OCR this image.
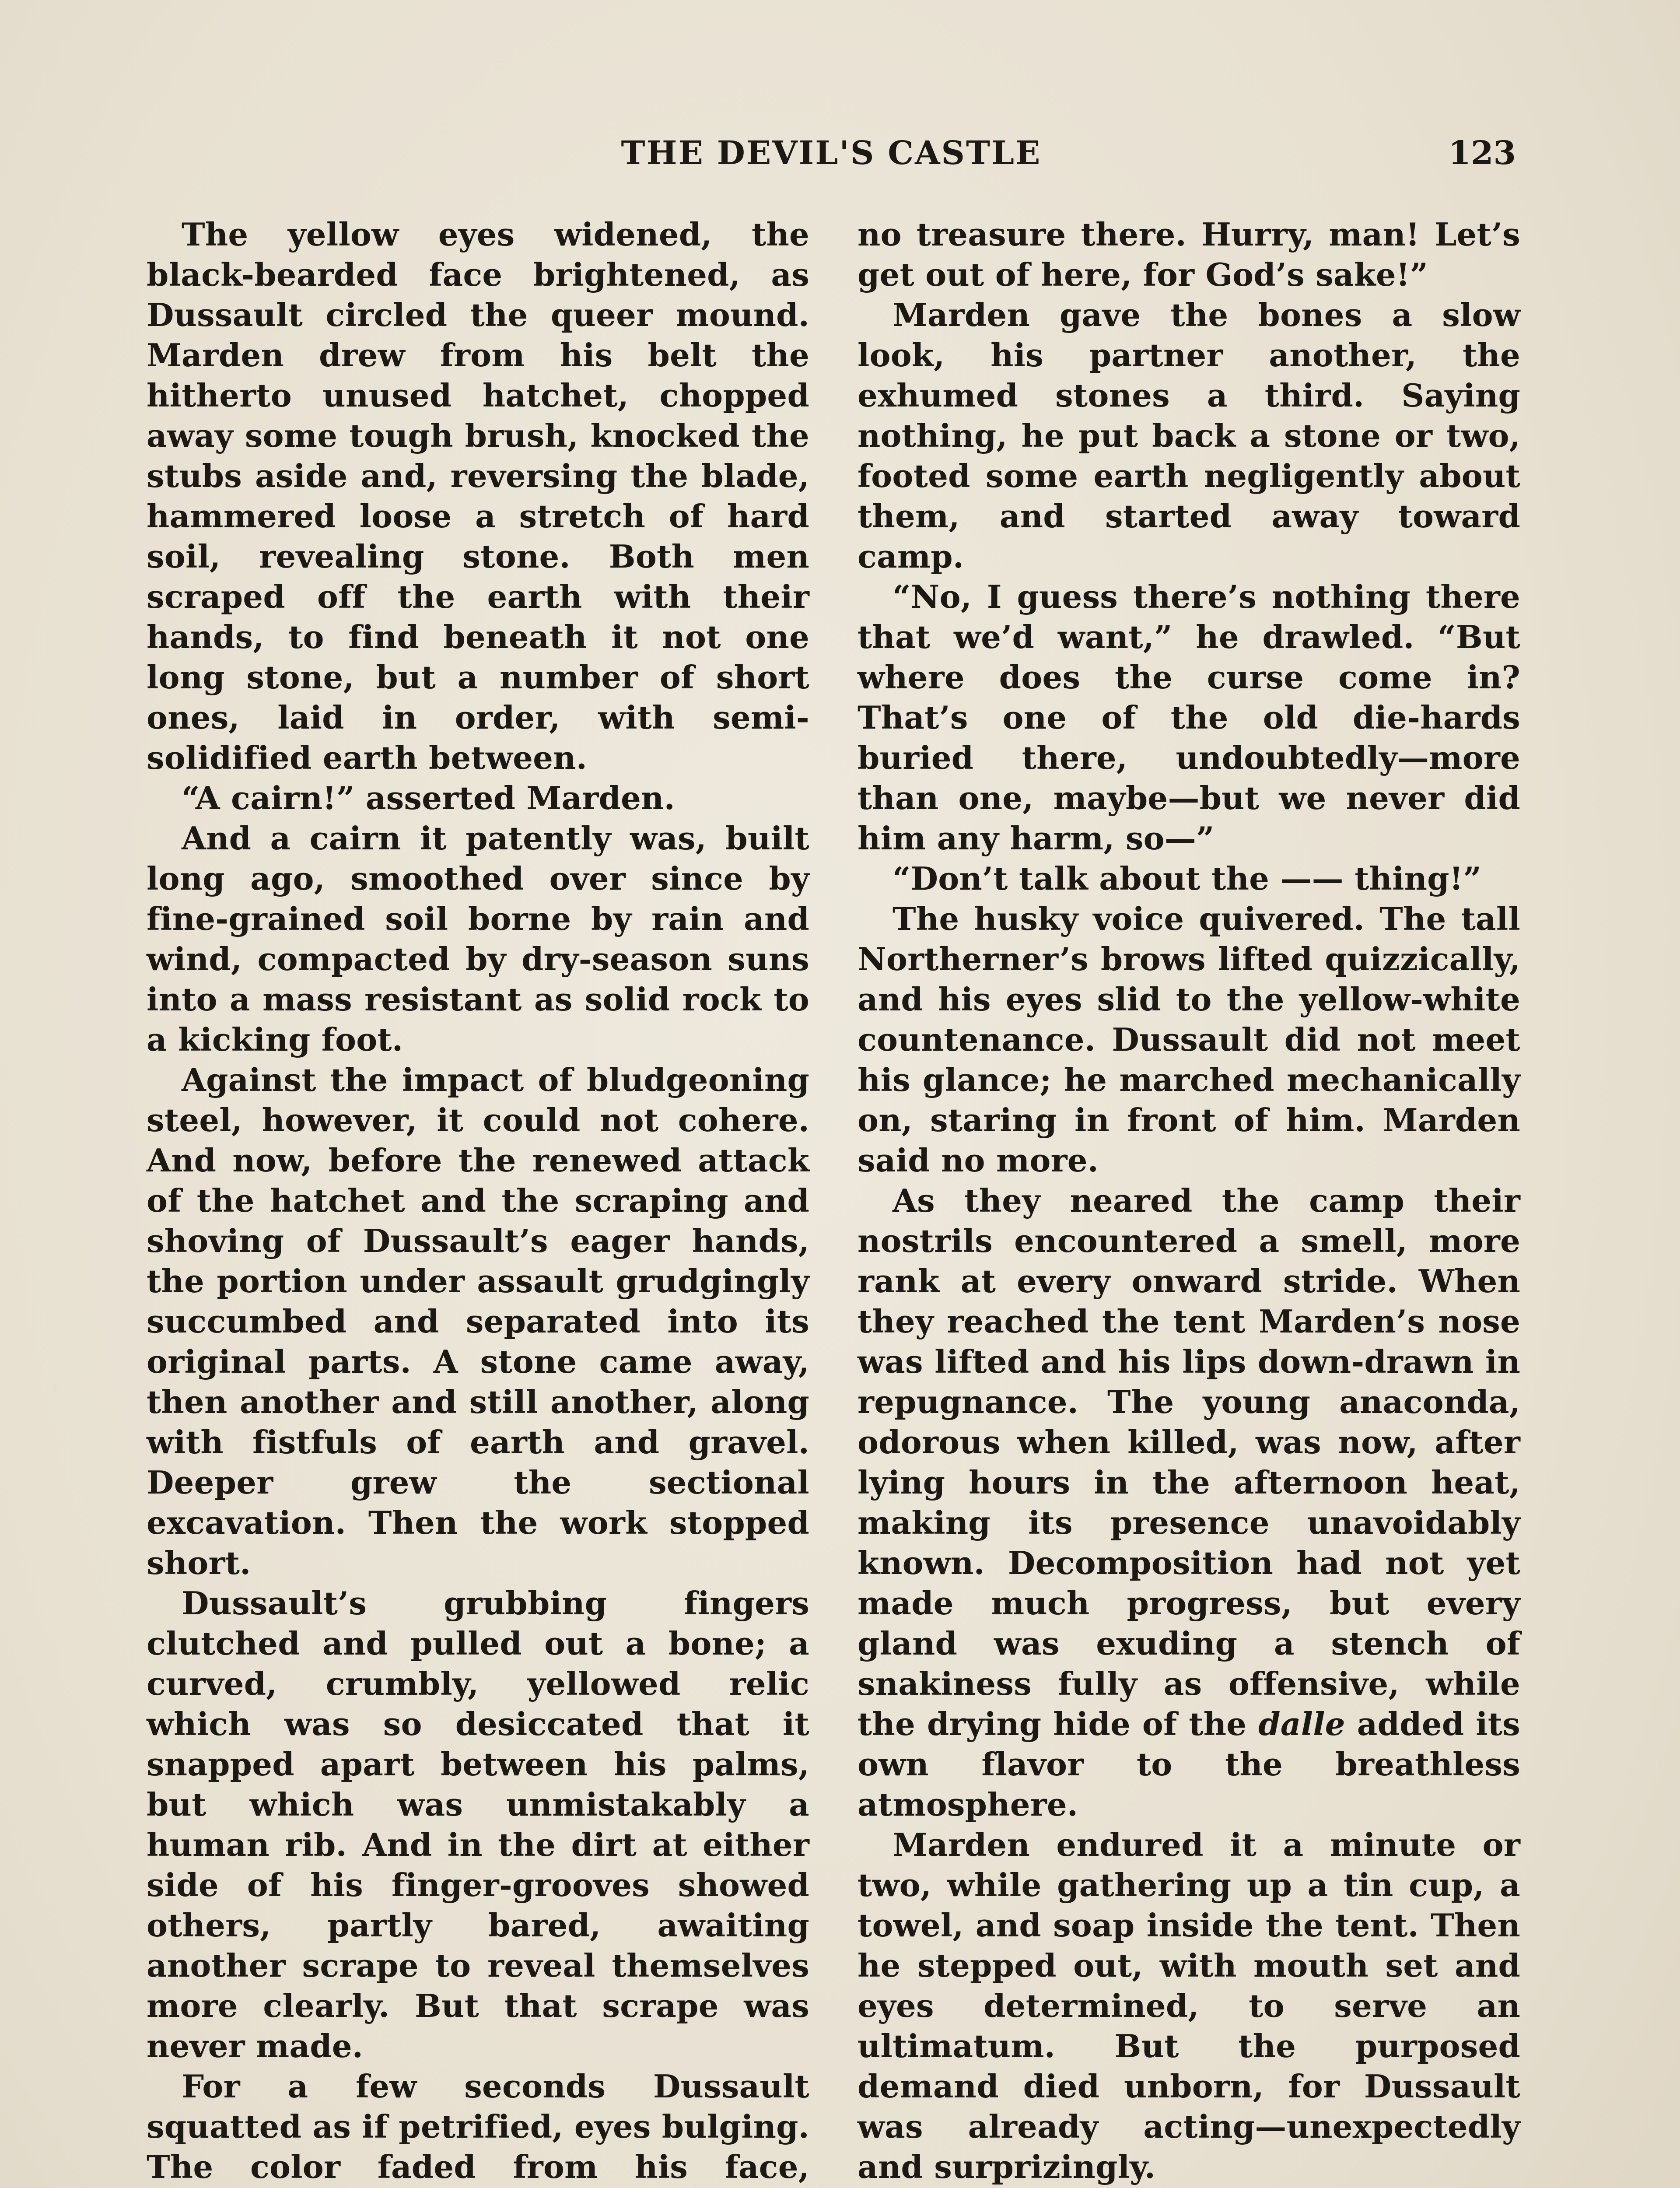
THE DEVIL'S CASTLE	123

The yellow eyes widened, the black-bearded face brightened, as Dussault circled the queer mound. Marden drew from his belt the hitherto unused hatchet, chopped away some tough brush, knocked the stubs aside and, reversing the blade, hammered loose a stretch of hard soil, revealing stone. Both men scraped off the earth with their hands, to find beneath it not one long stone, but a number of short ones, laid in order, with semi-solidified earth between.

“A cairn!” asserted Marden.

And a cairn it patently was, built long ago, smoothed over since by fine-grained soil borne by rain and wind, compacted by dry-season suns into a mass resistant as solid rock to a kicking foot.

Against the impact of bludgeoning steel, however, it could not cohere. And now, before the renewed attack of the hatchet and the scraping and shoving of Dussault’s eager hands, the portion under assault grudgingly succumbed and separated into its original parts. A stone came away, then another and still another, along with fistfuls of earth and gravel. Deeper grew the sectional excavation. Then the work stopped short.

Dussault’s grubbing fingers clutched and pulled out a bone; a curved, crumbly, yellowed relic which was so desiccated that it snapped apart between his palms, but which was unmistakably a human rib. And in the dirt at either side of his finger-grooves showed others, partly bared, awaiting another scrape to reveal themselves more clearly. But that scrape was never made.

For a few seconds Dussault squatted as if petrified, eyes bulging. The color faded from his face,

no treasure there. Hurry, man! Let’s get out of here, for God’s sake!”

Marden gave the bones a slow look, his partner another, the exhumed stones a third. Saying nothing, he put back a stone or two, footed some earth negligently about them, and started away toward camp.

“No, I guess there’s nothing there that we’d want,” he drawled. “But where does the curse come in? That’s one of the old die-hards buried there, undoubtedly—more than one, maybe—but we never did him any harm, so—”

“Don’t talk about the —— thing!”

The husky voice quivered. The tall Northerner’s brows lifted quizzically, and his eyes slid to the yellow-white countenance. Dussault did not meet his glance; he marched mechanically on, staring in front of him. Marden said no more.

As they neared the camp their nostrils encountered a smell, more rank at every onward stride. When they reached the tent Marden’s nose was lifted and his lips down-drawn in repugnance. The young anaconda, odorous when killed, was now, after lying hours in the afternoon heat, making its presence unavoidably known. Decomposition had not yet made much progress, but every gland was exuding a stench of snakiness fully as offensive, while the drying hide of the dalle added its own flavor to the breathless atmosphere.

Marden endured it a minute or two, while gathering up a tin cup, a towel, and soap inside the tent. Then he stepped out, with mouth set and eyes determined, to serve an ultimatum. But the purposed demand died unborn, for Dussault was already acting—unexpectedly and surprizingly.
